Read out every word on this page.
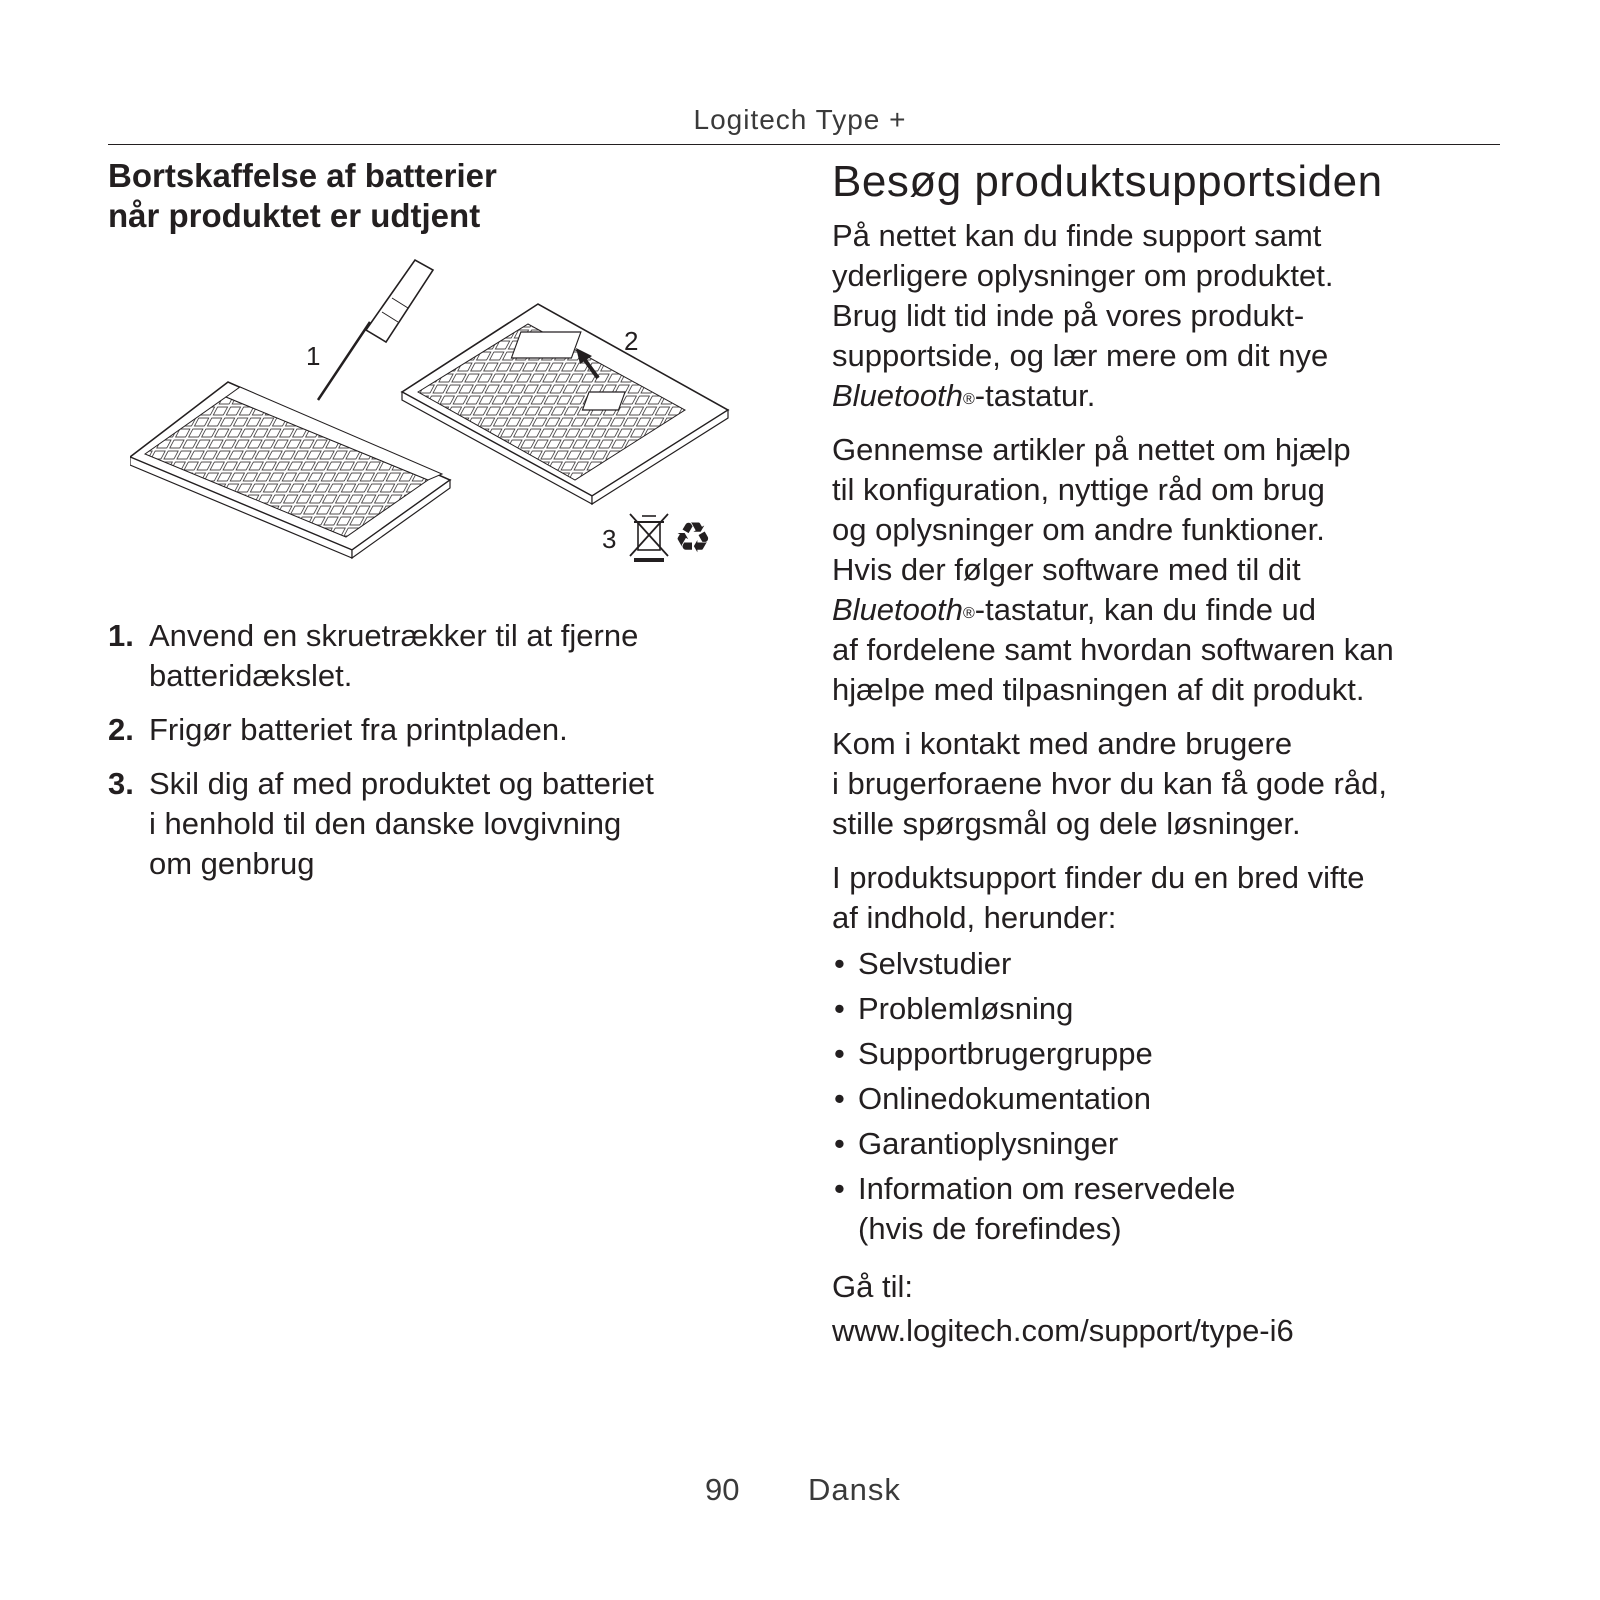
Logitech Type +
Bortskaffelse af batterier
når produktet er udtjent
1	2
3 ♻
1. Anvend en skruetrækker til at fjerne
batteridækslet.
2. Frigør batteriet fra printpladen.
3. Skil dig af med produktet og batteriet
i henhold til den danske lovgivning
om genbrug
Besøg produktsupportsiden

På nettet kan du finde support samt
yderligere oplysninger om produktet.
Brug lidt tid inde på vores produkt-
supportside, og lær mere om dit nye
Bluetooth®-tastatur.

Gennemse artikler på nettet om hjælp
til konfiguration, nyttige råd om brug
og oplysninger om andre funktioner.
Hvis der følger software med til dit
Bluetooth®-tastatur, kan du finde ud
af fordelene samt hvordan softwaren kan
hjælpe med tilpasningen af dit produkt.

Kom i kontakt med andre brugere
i brugerforaene hvor du kan få gode råd,
stille spørgsmål og dele løsninger.

I produktsupport finder du en bred vifte
af indhold, herunder:

• Selvstudier
• Problemløsning
• Supportbrugergruppe
• Onlinedokumentation
• Garantioplysninger
• Information om reservedele
(hvis de forefindes)

Gå til:
www.logitech.com/support/type-i6

90 Dansk
